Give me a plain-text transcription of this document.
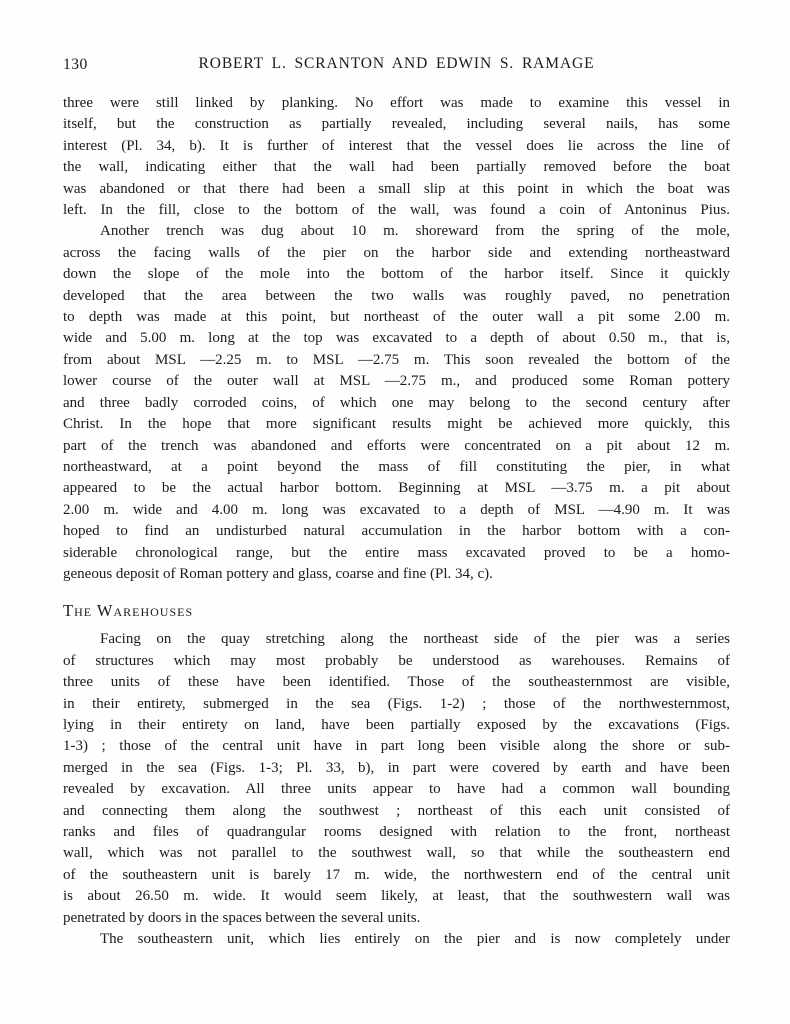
130	ROBERT L. SCRANTON AND EDWIN S. RAMAGE
three were still linked by planking. No effort was made to examine this vessel in
itself, but the construction as partially revealed, including several nails, has some
interest (Pl. 34, b). It is further of interest that the vessel does lie across the line of
the wall, indicating either that the wall had been partially removed before the boat
was abandoned or that there had been a small slip at this point in which the boat was
left. In the fill, close to the bottom of the wall, was found a coin of Antoninus Pius.
Another trench was dug about 10 m. shoreward from the spring of the mole,
across the facing walls of the pier on the harbor side and extending northeastward
down the slope of the mole into the bottom of the harbor itself. Since it quickly
developed that the area between the two walls was roughly paved, no penetration
to depth was made at this point, but northeast of the outer wall a pit some 2.00 m.
wide and 5.00 m. long at the top was excavated to a depth of about 0.50 m., that is,
from about MSL —2.25 m. to MSL —2.75 m. This soon revealed the bottom of the
lower course of the outer wall at MSL —2.75 m., and produced some Roman pottery
and three badly corroded coins, of which one may belong to the second century after
Christ. In the hope that more significant results might be achieved more quickly, this
part of the trench was abandoned and efforts were concentrated on a pit about 12 m.
northeastward, at a point beyond the mass of fill constituting the pier, in what
appeared to be the actual harbor bottom. Beginning at MSL —3.75 m. a pit about
2.00 m. wide and 4.00 m. long was excavated to a depth of MSL —4.90 m. It was
hoped to find an undisturbed natural accumulation in the harbor bottom with a con-
siderable chronological range, but the entire mass excavated proved to be a homo-
geneous deposit of Roman pottery and glass, coarse and fine (Pl. 34, c).
The Warehouses
Facing on the quay stretching along the northeast side of the pier was a series
of structures which may most probably be understood as warehouses. Remains of
three units of these have been identified. Those of the southeasternmost are visible,
in their entirety, submerged in the sea (Figs. 1-2) ; those of the northwesternmost,
lying in their entirety on land, have been partially exposed by the excavations (Figs.
1-3) ; those of the central unit have in part long been visible along the shore or sub-
merged in the sea (Figs. 1-3; Pl. 33, b), in part were covered by earth and have been
revealed by excavation. All three units appear to have had a common wall bounding
and connecting them along the southwest ; northeast of this each unit consisted of
ranks and files of quadrangular rooms designed with relation to the front, northeast
wall, which was not parallel to the southwest wall, so that while the southeastern end
of the southeastern unit is barely 17 m. wide, the northwestern end of the central unit
is about 26.50 m. wide. It would seem likely, at least, that the southwestern wall was
penetrated by doors in the spaces between the several units.
The southeastern unit, which lies entirely on the pier and is now completely under
